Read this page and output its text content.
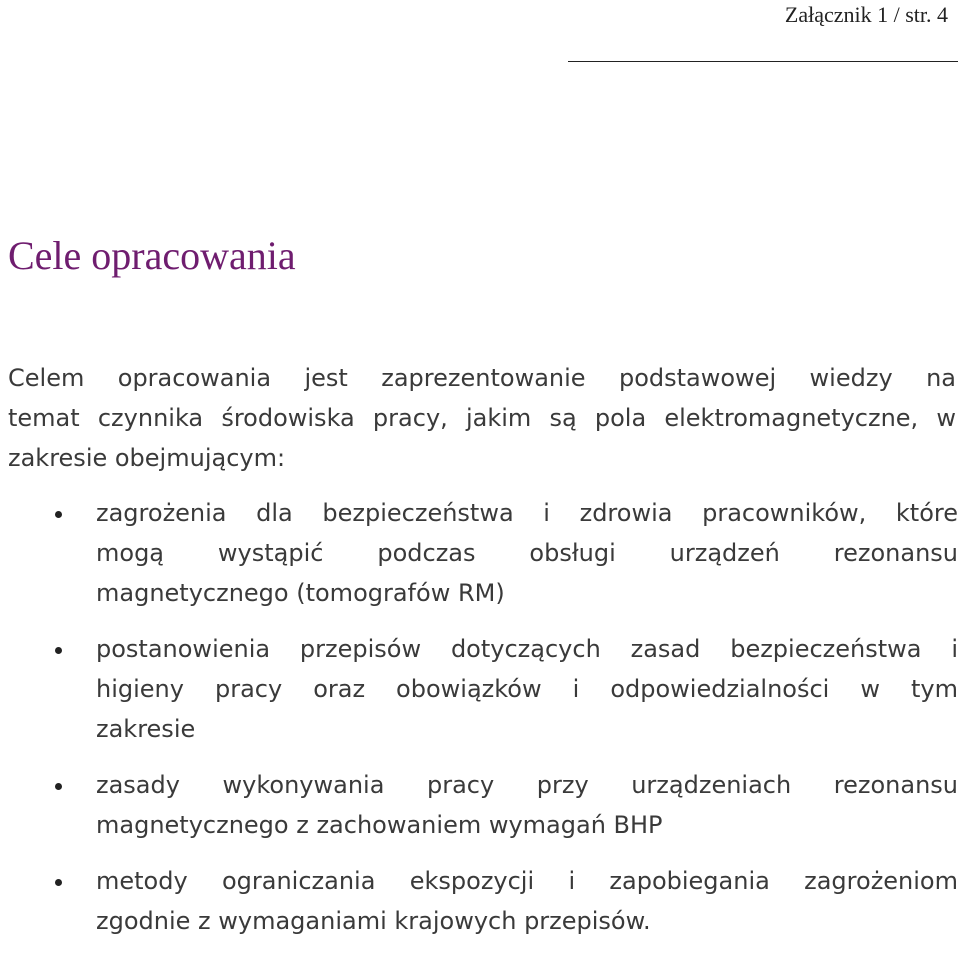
Załącznik 1 / str. 4
Cele opracowania

Celem opracowania jest zaprezentowanie podstawowej wiedzy na
temat czynnika środowiska pracy, jakim są pola elektromagnetyczne, w
zakresie obejmującym:

zagrożenia dla bezpieczeństwa i zdrowia pracowników, które
mogą wystąpić podczas obsługi urządzeń rezonansu
magnetycznego (tomografów RM)
postanowienia przepisów dotyczących zasad bezpieczeństwa i
higieny pracy oraz obowiązków i odpowiedzialności w tym
zakresie
zasady wykonywania pracy przy urządzeniach rezonansu
magnetycznego z zachowaniem wymagań BHP
metody ograniczania ekspozycji i zapobiegania zagrożeniom
zgodnie z wymaganiami krajowych przepisów.
